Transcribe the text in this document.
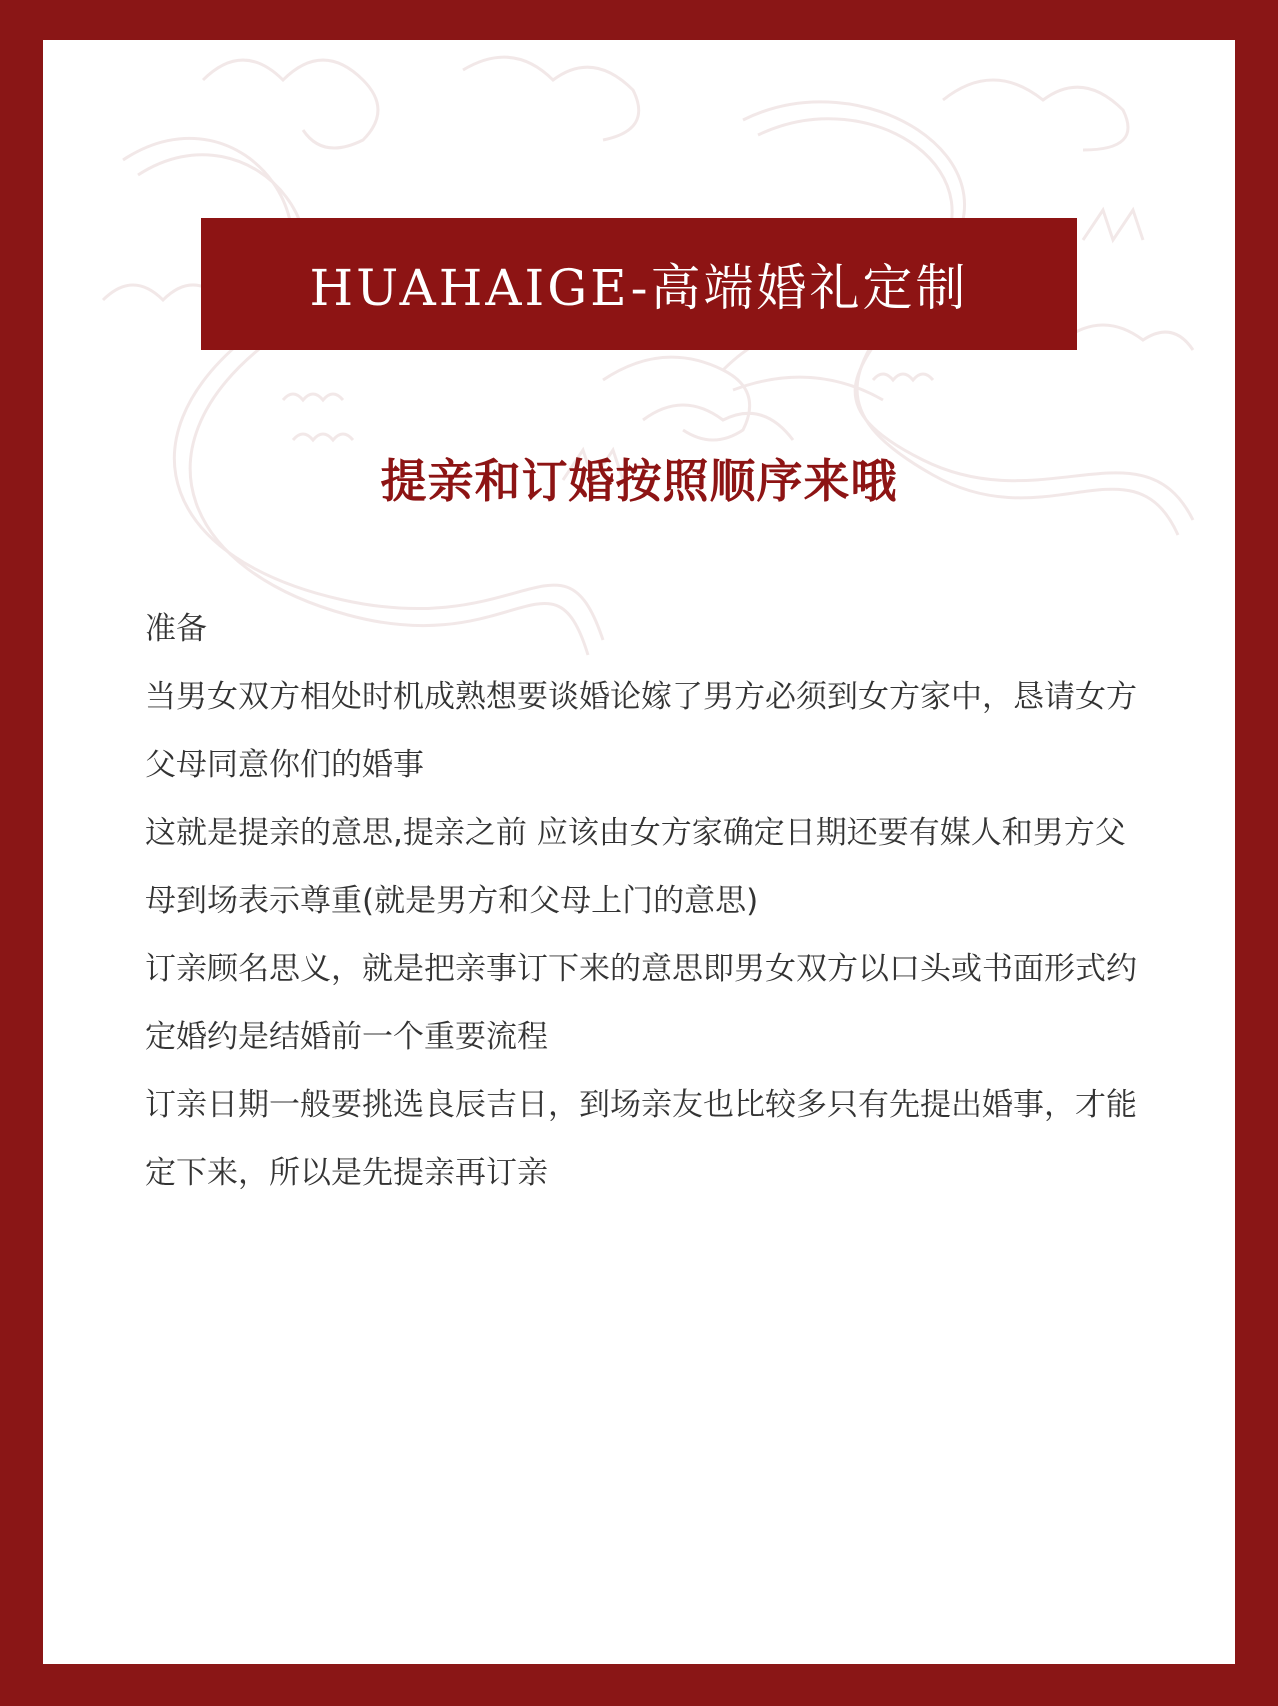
HUAHAIGE-高端婚礼定制
提亲和订婚按照顺序来哦

准备

当男女双方相处时机成熟想要谈婚论嫁了男方必须到女方家中，恳请女方父母同意你们的婚事

这就是提亲的意思,提亲之前 应该由女方家确定日期还要有媒人和男方父母到场表示尊重(就是男方和父母上门的意思)

订亲顾名思义，就是把亲事订下来的意思即男女双方以口头或书面形式约定婚约是结婚前一个重要流程

订亲日期一般要挑选良辰吉日，到场亲友也比较多只有先提出婚事，才能定下来，所以是先提亲再订亲
